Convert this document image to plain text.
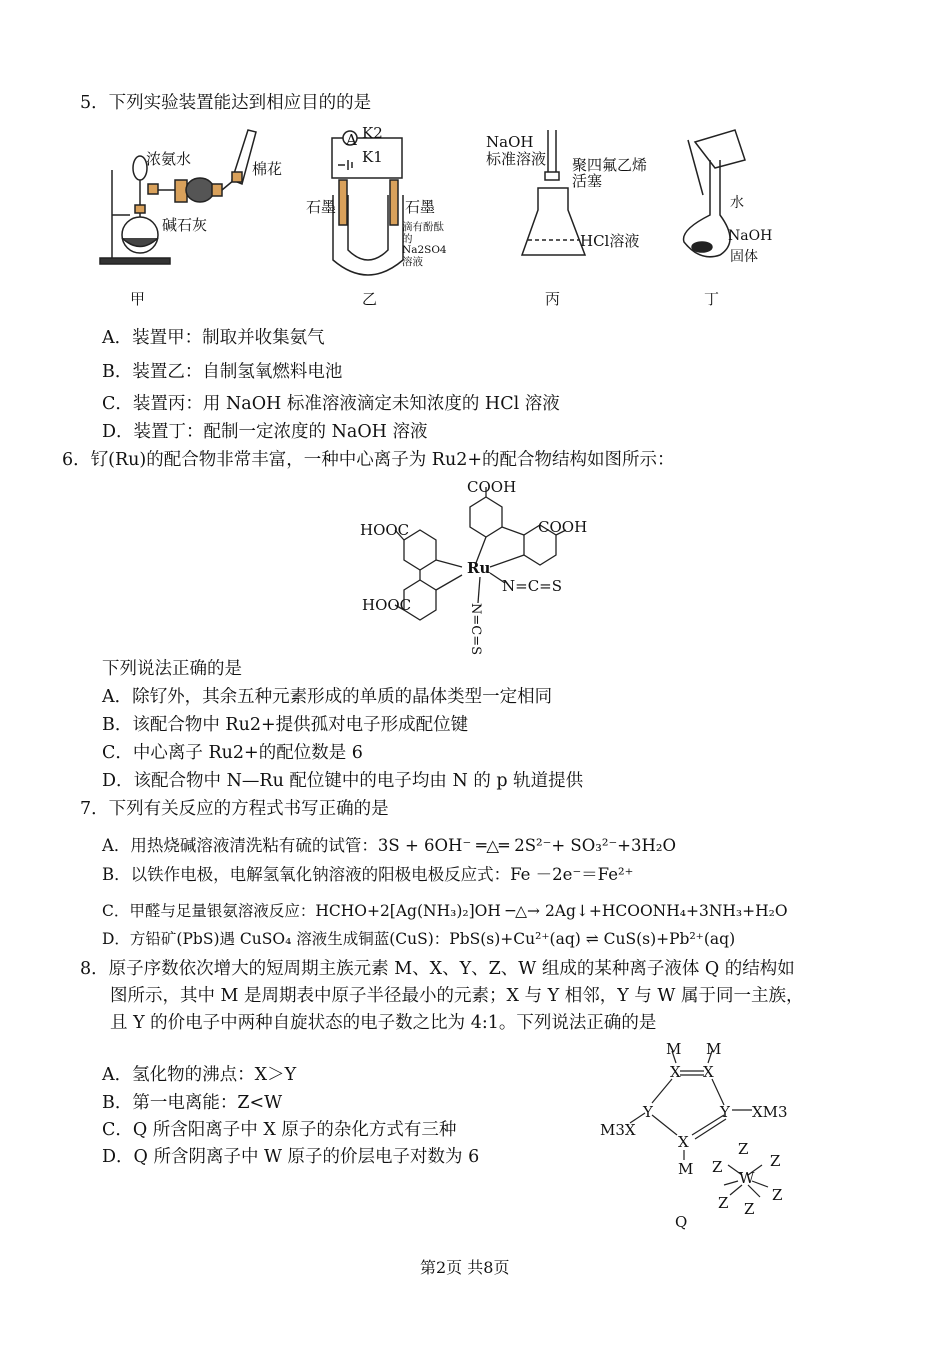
5．下列实验装置能达到相应目的的是
浓氨水
棉花
碱石灰
甲
K2
K1
A
石墨	石墨
滴有酚酞的Na2SO4溶液
乙
NaOH
标准溶液 聚四氟乙烯
活塞
HCl溶液
丙
水
NaOH
固体
丁
A．装置甲：制取并收集氨气
B．装置乙：自制氢氧燃料电池
C．装置丙：用 NaOH 标准溶液滴定未知浓度的 HCl 溶液
D．装置丁：配制一定浓度的 NaOH 溶液
6．钌(Ru)的配合物非常丰富，一种中心离子为 Ru2+的配合物结构如图所示：
COOH
COOH
HOOC
HOOC
Ru
N=C=S
N=C=S
下列说法正确的是
A．除钌外，其余五种元素形成的单质的晶体类型一定相同
B．该配合物中 Ru2+提供孤对电子形成配位键
C．中心离子 Ru2+的配位数是 6
D．该配合物中 N—Ru 配位键中的电子均由 N 的 p 轨道提供
7．下列有关反应的方程式书写正确的是
A．用热烧碱溶液清洗粘有硫的试管：3S + 6OH⁻ ═△═ 2S²⁻+ SO₃²⁻+3H₂O
B．以铁作电极，电解氢氧化钠溶液的阳极电极反应式：Fe －2e⁻＝Fe²⁺
C．甲醛与足量银氨溶液反应：HCHO+2[Ag(NH₃)₂]OH ─△→ 2Ag↓+HCOONH₄+3NH₃+H₂O
D．方铅矿(PbS)遇 CuSO₄ 溶液生成铜蓝(CuS)：PbS(s)+Cu²⁺(aq) ⇌ CuS(s)+Pb²⁺(aq)
8．原子序数依次增大的短周期主族元素 M、X、Y、Z、W 组成的某种离子液体 Q 的结构如
图所示，其中 M 是周期表中原子半径最小的元素；X 与 Y 相邻，Y 与 W 属于同一主族，
且 Y 的价电子中两种自旋状态的电子数之比为 4:1。下列说法正确的是
A．氢化物的沸点：X＞Y
B．第一电离能：Z<W
C．Q 所含阳离子中 X 原子的杂化方式有三种
D．Q 所含阴离子中 W 原子的价层电子对数为 6
M M
X X
Y	Y
M3X
XM3
X
M	W
Z
Z	Z
Z
Z Z
Q
第2页 共8页
